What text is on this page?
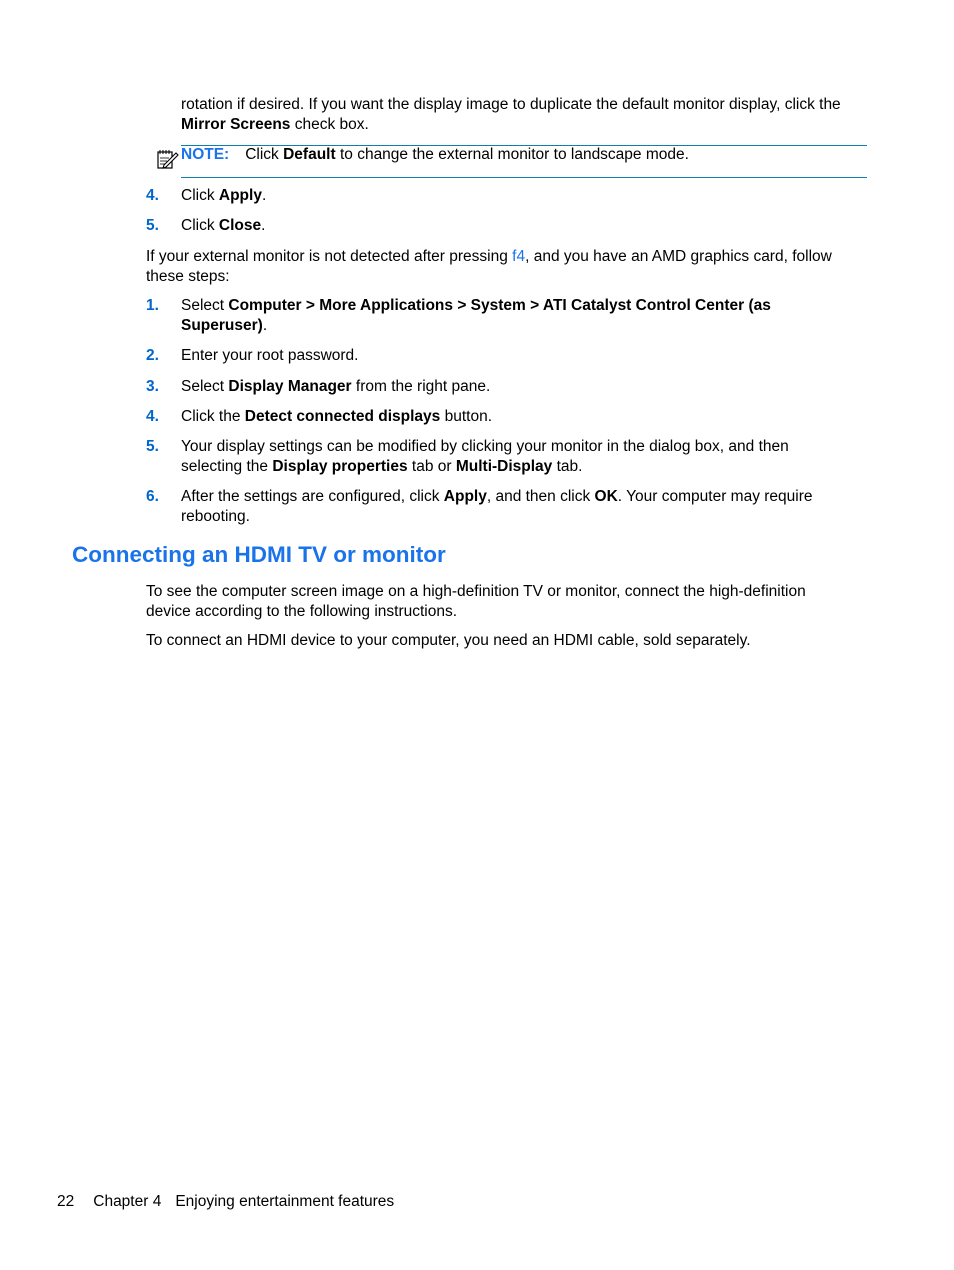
rotation if desired. If you want the display image to duplicate the default monitor display, click the
Mirror Screens check box.

NOTE: Click Default to change the external monitor to landscape mode.
4. Click Apply.

5. Click Close.

If your external monitor is not detected after pressing f4, and you have an AMD graphics card, follow these steps:

1. Select Computer > More Applications > System > ATI Catalyst Control Center (as Superuser).

2. Enter your root password.

3. Select Display Manager from the right pane.

4. Click the Detect connected displays button.

5. Your display settings can be modified by clicking your monitor in the dialog box, and then selecting the Display properties tab or Multi-Display tab.

6. After the settings are configured, click Apply, and then click OK. Your computer may require rebooting.

Connecting an HDMI TV or monitor

To see the computer screen image on a high-definition TV or monitor, connect the high-definition device according to the following instructions.

To connect an HDMI device to your computer, you need an HDMI cable, sold separately.

22 Chapter 4 Enjoying entertainment features
